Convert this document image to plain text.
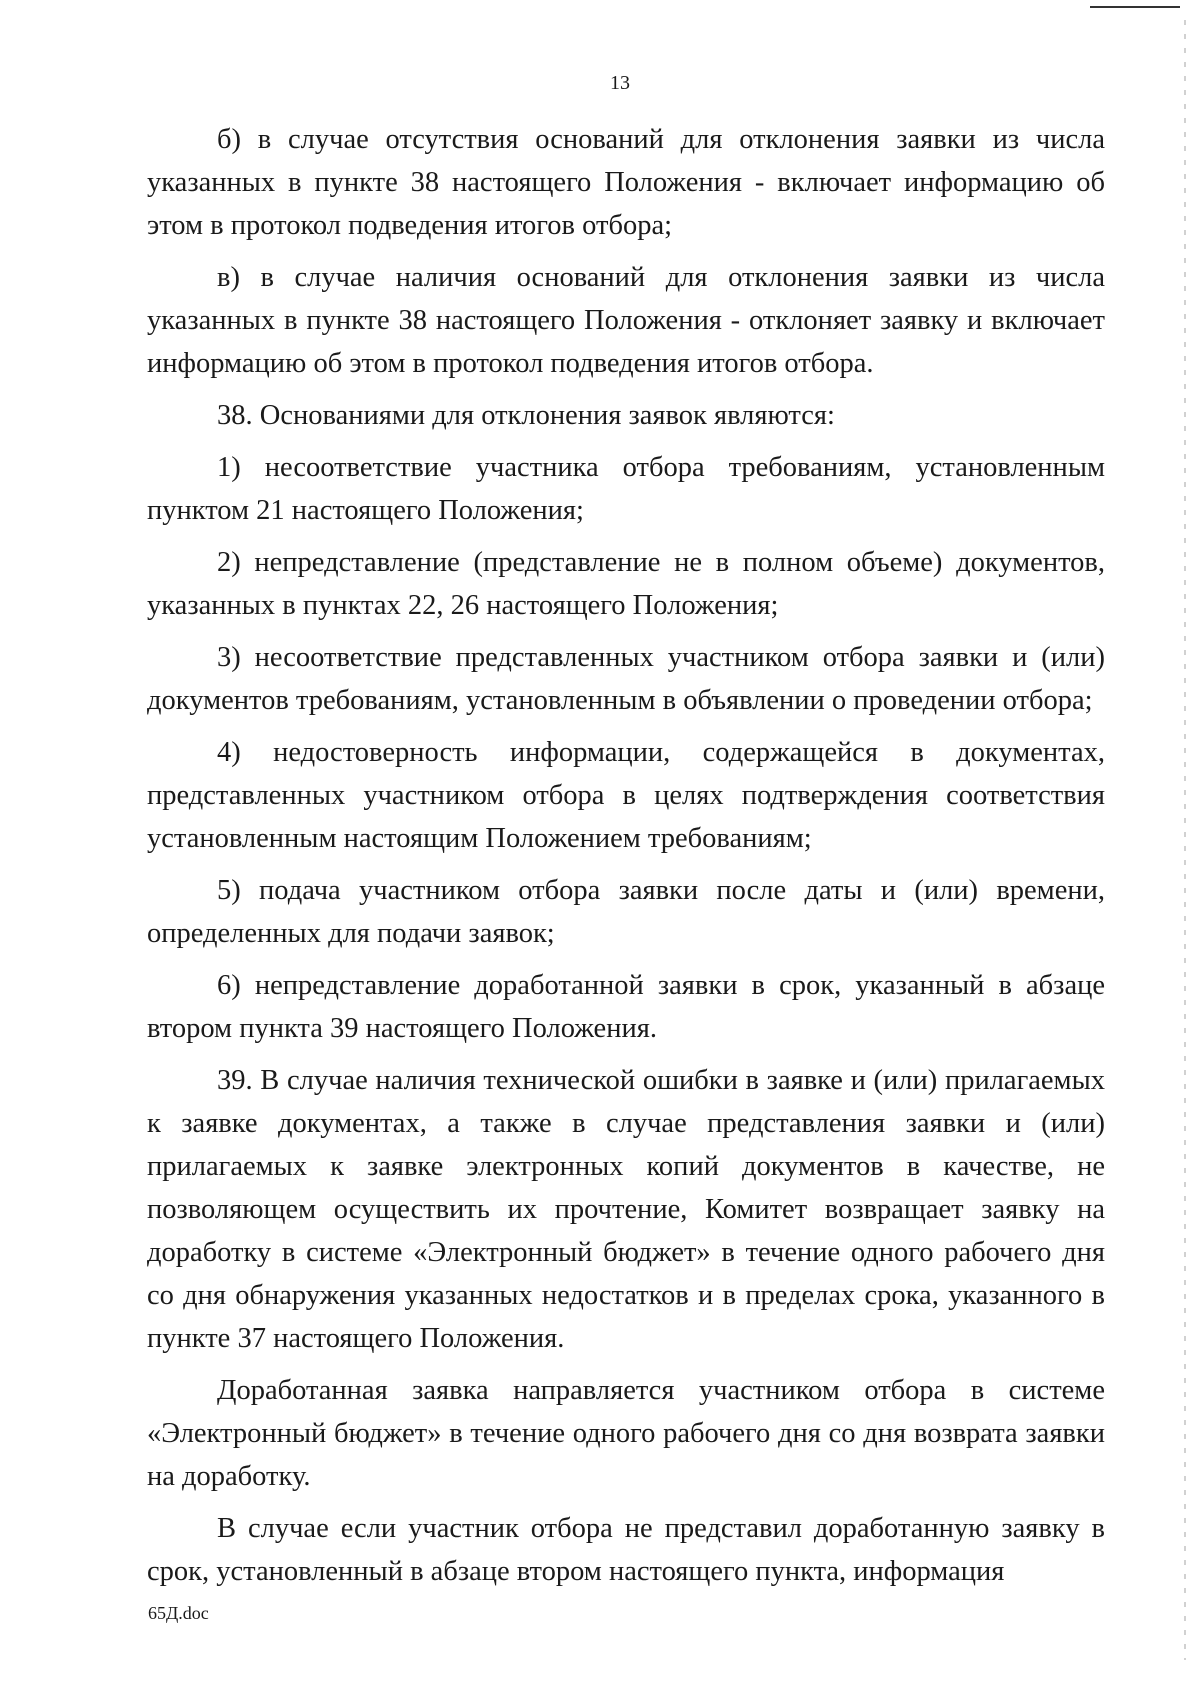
13

б) в случае отсутствия оснований для отклонения заявки из числа указанных в пункте 38 настоящего Положения - включает информацию об этом в протокол подведения итогов отбора;

в) в случае наличия оснований для отклонения заявки из числа указанных в пункте 38 настоящего Положения - отклоняет заявку и включает информацию об этом в протокол подведения итогов отбора.

38. Основаниями для отклонения заявок являются:

1) несоответствие участника отбора требованиям, установленным пунктом 21 настоящего Положения;

2) непредставление (представление не в полном объеме) документов, указанных в пунктах 22, 26 настоящего Положения;

3) несоответствие представленных участником отбора заявки и (или) документов требованиям, установленным в объявлении о проведении отбора;

4) недостоверность информации, содержащейся в документах, представленных участником отбора в целях подтверждения соответствия установленным настоящим Положением требованиям;

5) подача участником отбора заявки после даты и (или) времени, определенных для подачи заявок;

6) непредставление доработанной заявки в срок, указанный в абзаце втором пункта 39 настоящего Положения.

39. В случае наличия технической ошибки в заявке и (или) прилагаемых к заявке документах, а также в случае представления заявки и (или) прилагаемых к заявке электронных копий документов в качестве, не позволяющем осуществить их прочтение, Комитет возвращает заявку на доработку в системе «Электронный бюджет» в течение одного рабочего дня со дня обнаружения указанных недостатков и в пределах срока, указанного в пункте 37 настоящего Положения.

Доработанная заявка направляется участником отбора в системе «Электронный бюджет» в течение одного рабочего дня со дня возврата заявки на доработку.

В случае если участник отбора не представил доработанную заявку в срок, установленный в абзаце втором настоящего пункта, информация

65Д.doc
